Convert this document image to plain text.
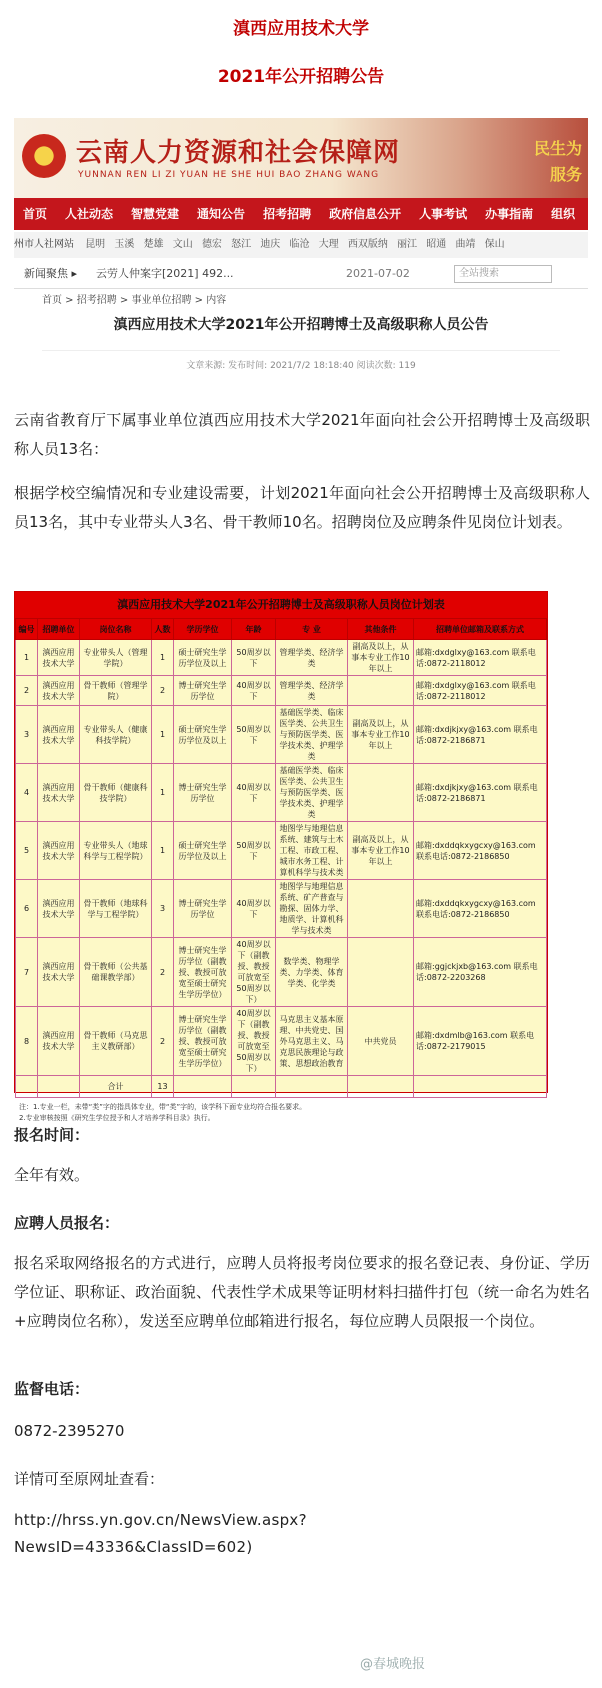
滇西应用技术大学
2021年公开招聘公告
云南人力资源和社会保障网
YUNNAN REN LI ZI YUAN HE SHE HUI BAO ZHANG WANG
民生为
服务
首页	人社动态	智慧党建	通知公告	招考招聘	政府信息公开	人事考试	办事指南	组织
州市人社网站 昆明 玉溪 楚雄 文山 德宏 怒江 迪庆 临沧 大理 西双版纳 丽江 昭通 曲靖 保山
新闻聚焦 ▸ 云劳人仲案字[2021] 492...	2021-07-02	全站搜索
首页 > 招考招聘 > 事业单位招聘 > 内容
滇西应用技术大学2021年公开招聘博士及高级职称人员公告
文章来源: 发布时间: 2021/7/2 18:18:40 阅读次数: 119
云南省教育厅下属事业单位滇西应用技术大学2021年面向社会公开招聘博士及高级职称人员13名：
根据学校空编情况和专业建设需要，计划2021年面向社会公开招聘博士及高级职称人员13名，其中专业带头人3名、骨干教师10名。招聘岗位及应聘条件见岗位计划表。
滇西应用技术大学2021年公开招聘博士及高级职称人员岗位计划表
编号	招聘单位	岗位名称	人数	学历学位	年龄	专 业	其他条件	招聘单位邮箱及联系方式
1	滇西应用技术大学	专业带头人（管理学院）	1	硕士研究生学历学位及以上	50周岁以下	管理学类、经济学类	副高及以上，从事本专业工作10年以上	邮箱:dxdglxy@163.com 联系电话:0872-2118012
2	滇西应用技术大学	骨干教师（管理学院）	2	博士研究生学历学位	40周岁以下	管理学类、经济学类		邮箱:dxdglxy@163.com 联系电话:0872-2118012
3	滇西应用技术大学	专业带头人（健康科技学院）	1	硕士研究生学历学位及以上	50周岁以下	基础医学类、临床医学类、公共卫生与预防医学类、医学技术类、护理学类	副高及以上，从事本专业工作10年以上	邮箱:dxdjkjxy@163.com 联系电话:0872-2186871
4	滇西应用技术大学	骨干教师（健康科技学院）	1	博士研究生学历学位	40周岁以下	基础医学类、临床医学类、公共卫生与预防医学类、医学技术类、护理学类		邮箱:dxdjkjxy@163.com 联系电话:0872-2186871
5	滇西应用技术大学	专业带头人（地球科学与工程学院）	1	硕士研究生学历学位及以上	50周岁以下	地图学与地理信息系统、建筑与土木工程、市政工程、城市水务工程、计算机科学与技术类	副高及以上，从事本专业工作10年以上	邮箱:dxddqkxygcxy@163.com 联系电话:0872-2186850
6	滇西应用技术大学	骨干教师（地球科学与工程学院）	3	博士研究生学历学位	40周岁以下	地图学与地理信息系统、矿产普查与勘探、固体力学、地质学、计算机科学与技术类		邮箱:dxddqkxygcxy@163.com 联系电话:0872-2186850
7	滇西应用技术大学	骨干教师（公共基础课教学部）	2	博士研究生学历学位（副教授、教授可放宽至硕士研究生学历学位）	40周岁以下（副教授、教授可放宽至50周岁以下）	数学类、物理学类、力学类、体育学类、化学类		邮箱:ggjckjxb@163.com 联系电话:0872-2203268
8	滇西应用技术大学	骨干教师（马克思主义教研部）	2	博士研究生学历学位（副教授、教授可放宽至硕士研究生学历学位）	40周岁以下（副教授、教授可放宽至50周岁以下）	马克思主义基本原理、中共党史、国外马克思主义、马克思民族理论与政策、思想政治教育	中共党员	邮箱:dxdmlb@163.com 联系电话:0872-2179015
		合计	13					
注：1.专业一栏，未带“类”字的指具体专业，带“类”字的，该学科下面专业均符合报名要求。
2.专业审核按照《研究生学位授予和人才培养学科目录》执行。
报名时间：
全年有效。
应聘人员报名：
报名采取网络报名的方式进行，应聘人员将报考岗位要求的报名登记表、身份证、学历学位证、职称证、政治面貌、代表性学术成果等证明材料扫描件打包（统一命名为姓名+应聘岗位名称），发送至应聘单位邮箱进行报名，每位应聘人员限报一个岗位。
监督电话：
0872-2395270
详情可至原网址查看：
http://hrss.yn.gov.cn/NewsView.aspx?
NewsID=43336&ClassID=602)
@春城晚报
